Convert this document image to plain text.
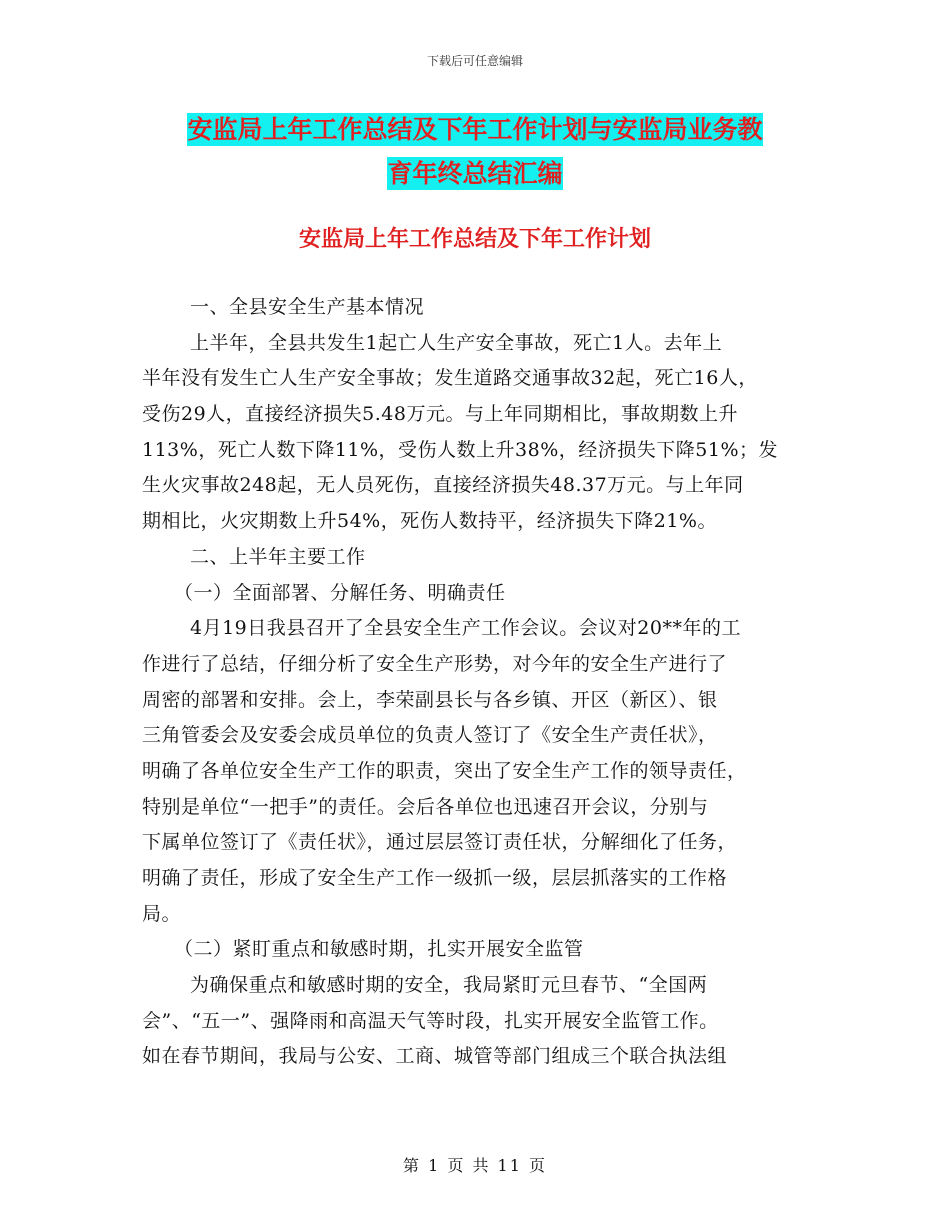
下载后可任意编辑
安监局上年工作总结及下年工作计划与安监局业务教
育年终总结汇编
安监局上年工作总结及下年工作计划
一、全县安全生产基本情况
上半年，全县共发生1起亡人生产安全事故，死亡1人。去年上
半年没有发生亡人生产安全事故；发生道路交通事故32起，死亡16人，
受伤29人，直接经济损失5.48万元。与上年同期相比，事故期数上升
113%，死亡人数下降11%，受伤人数上升38%，经济损失下降51%；发
生火灾事故248起，无人员死伤，直接经济损失48.37万元。与上年同
期相比，火灾期数上升54%，死伤人数持平，经济损失下降21%。
二、上半年主要工作
（一）全面部署、分解任务、明确责任
4月19日我县召开了全县安全生产工作会议。会议对20**年的工
作进行了总结，仔细分析了安全生产形势，对今年的安全生产进行了
周密的部署和安排。会上，李荣副县长与各乡镇、开区（新区）、银
三角管委会及安委会成员单位的负责人签订了《安全生产责任状》，
明确了各单位安全生产工作的职责，突出了安全生产工作的领导责任，
特别是单位“一把手”的责任。会后各单位也迅速召开会议，分别与
下属单位签订了《责任状》，通过层层签订责任状，分解细化了任务，
明确了责任，形成了安全生产工作一级抓一级，层层抓落实的工作格
局。
（二）紧盯重点和敏感时期，扎实开展安全监管
为确保重点和敏感时期的安全，我局紧盯元旦春节、“全国两
会”、“五一”、强降雨和高温天气等时段，扎实开展安全监管工作。
如在春节期间，我局与公安、工商、城管等部门组成三个联合执法组
第 1 页 共 11 页
